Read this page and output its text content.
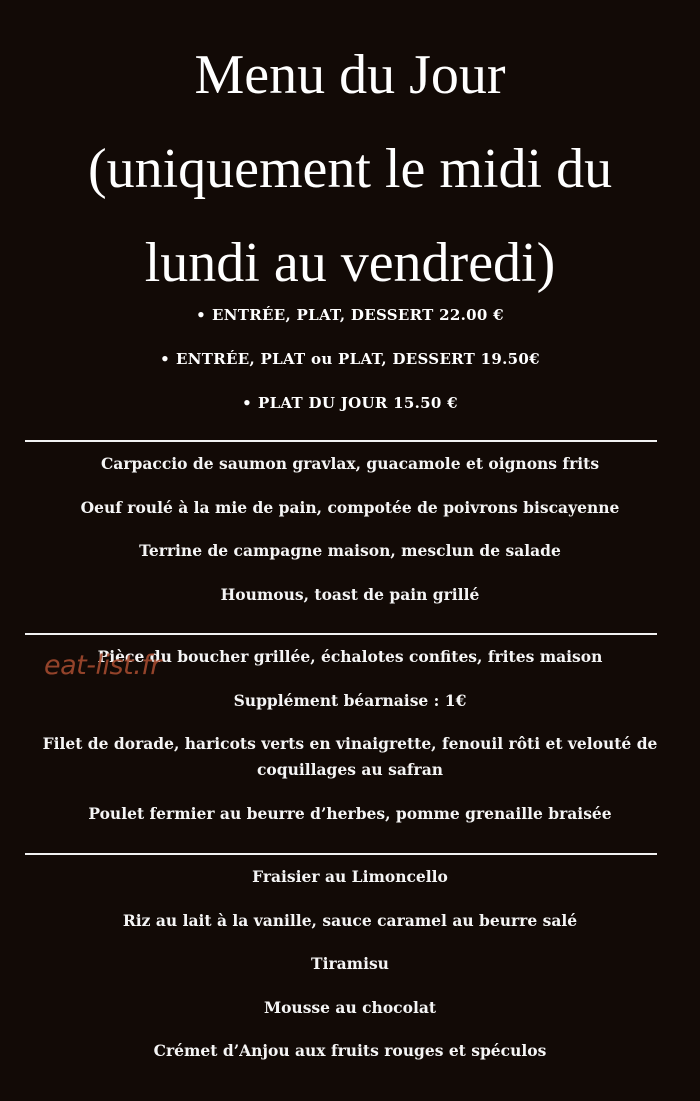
Menu du Jour
(uniquement le midi du
lundi au vendredi)
• ENTRÉE, PLAT, DESSERT 22.00 €
• ENTRÉE, PLAT ou PLAT, DESSERT 19.50€
• PLAT DU JOUR 15.50 €
Carpaccio de saumon gravlax, guacamole et oignons frits
Oeuf roulé à la mie de pain, compotée de poivrons biscayenne
Terrine de campagne maison, mesclun de salade
Houmous, toast de pain grillé
Pièce du boucher grillée, échalotes confites, frites maison
Supplément béarnaise : 1€
Filet de dorade, haricots verts en vinaigrette, fenouil rôti et velouté de coquillages au safran
Poulet fermier au beurre d’herbes, pomme grenaille braisée
Fraisier au Limoncello
Riz au lait à la vanille, sauce caramel au beurre salé
Tiramisu
Mousse au chocolat
Crémet d’Anjou aux fruits rouges et spéculos
eat-list.fr
